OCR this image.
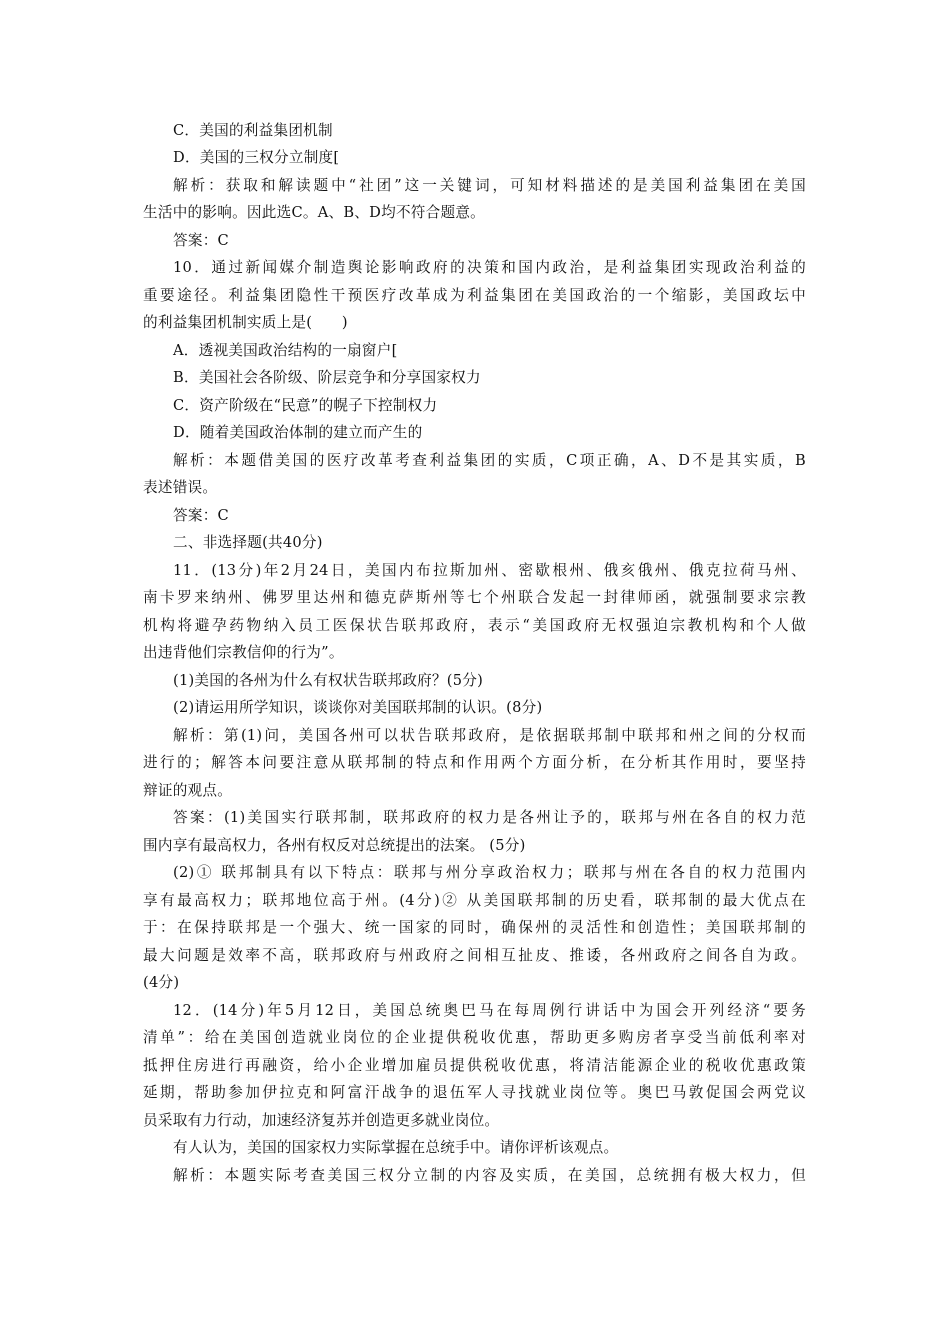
C．美国的利益集团机制
D．美国的三权分立制度[
解析：获取和解读题中“社团”这一关键词，可知材料描述的是美国利益集团在美国
生活中的影响。因此选C。A、B、D均不符合题意。
答案：C
10．通过新闻媒介制造舆论影响政府的决策和国内政治，是利益集团实现政治利益的
重要途径。利益集团隐性干预医疗改革成为利益集团在美国政治的一个缩影，美国政坛中
的利益集团机制实质上是(　　)
A．透视美国政治结构的一扇窗户[
B．美国社会各阶级、阶层竞争和分享国家权力
C．资产阶级在“民意”的幌子下控制权力
D．随着美国政治体制的建立而产生的
解析：本题借美国的医疗改革考查利益集团的实质，C项正确，A、D不是其实质，B
表述错误。
答案：C
二、非选择题(共40分)
11．(13分)年2月24日，美国内布拉斯加州、密歇根州、俄亥俄州、俄克拉荷马州、
南卡罗来纳州、佛罗里达州和德克萨斯州等七个州联合发起一封律师函，就强制要求宗教
机构将避孕药物纳入员工医保状告联邦政府，表示“美国政府无权强迫宗教机构和个人做
出违背他们宗教信仰的行为”。
(1)美国的各州为什么有权状告联邦政府？(5分)
(2)请运用所学知识，谈谈你对美国联邦制的认识。(8分)
解析：第(1)问，美国各州可以状告联邦政府，是依据联邦制中联邦和州之间的分权而
进行的；解答本问要注意从联邦制的特点和作用两个方面分析，在分析其作用时，要坚持
辩证的观点。
答案：(1)美国实行联邦制，联邦政府的权力是各州让予的，联邦与州在各自的权力范
围内享有最高权力，各州有权反对总统提出的法案。 (5分)
(2)① 联邦制具有以下特点：联邦与州分享政治权力；联邦与州在各自的权力范围内
享有最高权力；联邦地位高于州。(4分)② 从美国联邦制的历史看，联邦制的最大优点在
于：在保持联邦是一个强大、统一国家的同时，确保州的灵活性和创造性；美国联邦制的
最大问题是效率不高，联邦政府与州政府之间相互扯皮、推诿，各州政府之间各自为政。
(4分)
12．(14分)年5月12日，美国总统奥巴马在每周例行讲话中为国会开列经济“要务
清单”：给在美国创造就业岗位的企业提供税收优惠，帮助更多购房者享受当前低利率对
抵押住房进行再融资，给小企业增加雇员提供税收优惠，将清洁能源企业的税收优惠政策
延期，帮助参加伊拉克和阿富汗战争的退伍军人寻找就业岗位等。奥巴马敦促国会两党议
员采取有力行动，加速经济复苏并创造更多就业岗位。
有人认为，美国的国家权力实际掌握在总统手中。请你评析该观点。
解析：本题实际考查美国三权分立制的内容及实质，在美国，总统拥有极大权力，但
